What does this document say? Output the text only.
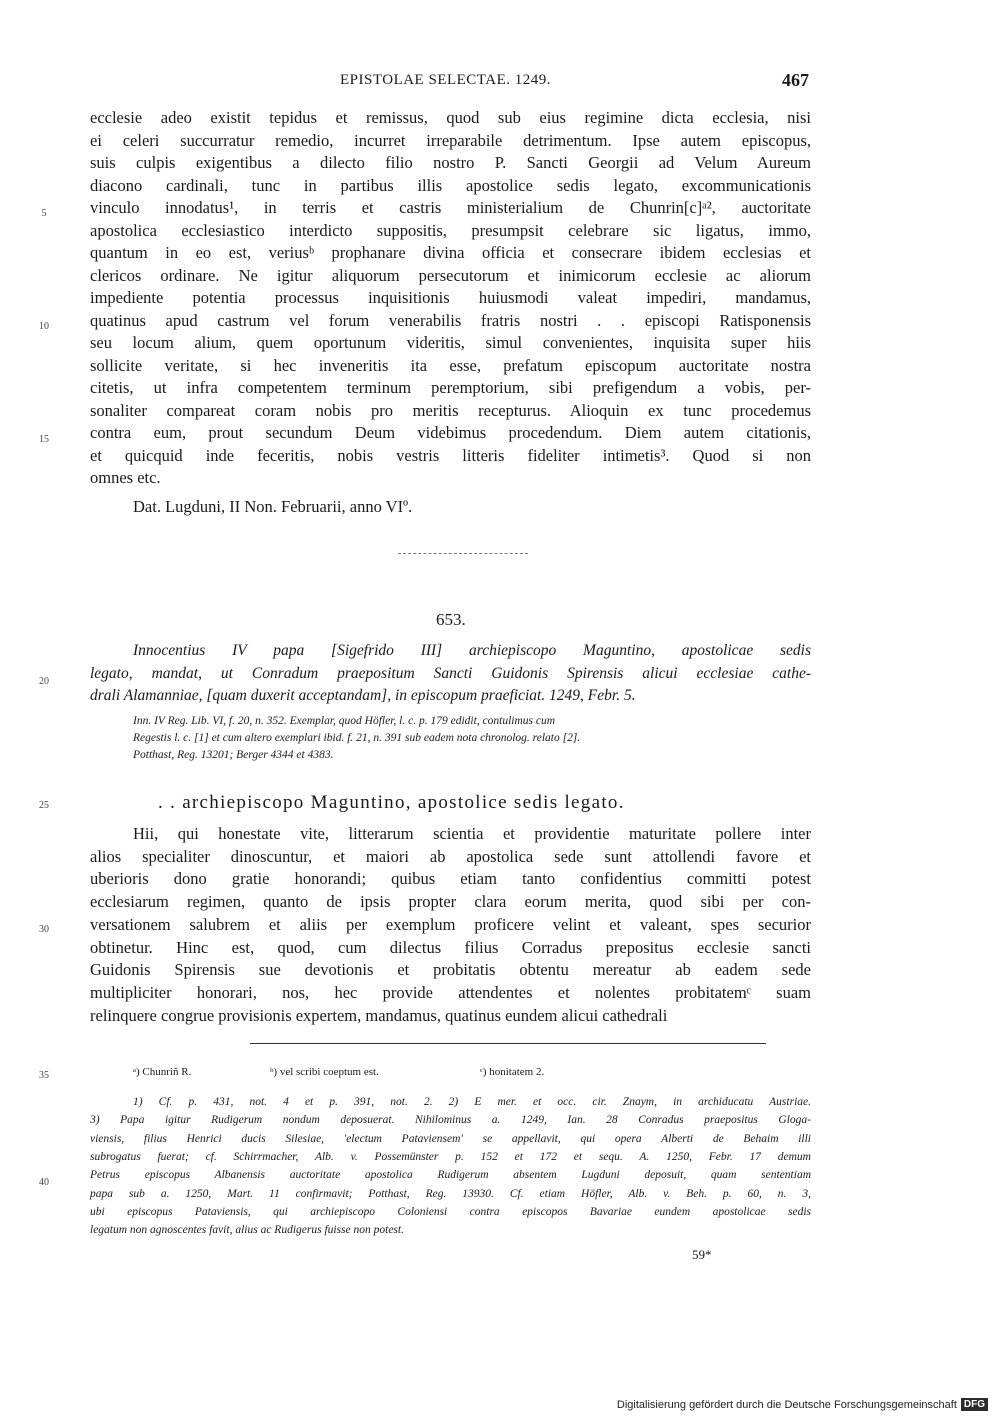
EPISTOLAE SELECTAE. 1249.	467
ecclesie adeo existit tepidus et remissus, quod sub eius regimine dicta ecclesia, nisi
ei celeri succurratur remedio, incurret irreparabile detrimentum. Ipse autem episcopus,
suis culpis exigentibus a dilecto filio nostro P. Sancti Georgii ad Velum Aureum
diacono cardinali, tunc in partibus illis apostolice sedis legato, excommunicationis
vinculo innodatus¹, in terris et castris ministerialium de Chunrin[c]ᵃ², auctoritate
apostolica ecclesiastico interdicto suppositis, presumpsit celebrare sic ligatus, immo,
quantum in eo est, veriusᵇ prophanare divina officia et consecrare ibidem ecclesias et
clericos ordinare. Ne igitur aliquorum persecutorum et inimicorum ecclesie ac aliorum
impediente potentia processus inquisitionis huiusmodi valeat impediri, mandamus,
quatinus apud castrum vel forum venerabilis fratris nostri . . episcopi Ratisponensis
seu locum alium, quem oportunum videritis, simul convenientes, inquisita super hiis
sollicite veritate, si hec inveneritis ita esse, prefatum episcopum auctoritate nostra
citetis, ut infra competentem terminum peremptorium, sibi prefigendum a vobis, per-
sonaliter compareat coram nobis pro meritis recepturus. Alioquin ex tunc procedemus
contra eum, prout secundum Deum videbimus procedendum. Diem autem citationis,
et quicquid inde feceritis, nobis vestris litteris fideliter intimetis³. Quod si non
omnes etc.
Dat. Lugduni, II Non. Februarii, anno VIº.
653.
Innocentius IV papa [Sigefrido III] archiepiscopo Maguntino, apostolicae sedis
legato, mandat, ut Conradum praepositum Sancti Guidonis Spirensis alicui ecclesiae cathe-
drali Alamanniae, [quam duxerit acceptandam], in episcopum praeficiat. 1249, Febr. 5.
Inn. IV Reg. Lib. VI, f. 20, n. 352. Exemplar, quod Höfler, l. c. p. 179 edidit, contulimus cum
Regestis l. c. [1] et cum altero exemplari ibid. f. 21, n. 391 sub eadem nota chronolog. relato [2].
Potthast, Reg. 13201; Berger 4344 et 4383.
. . archiepiscopo Maguntino, apostolice sedis legato.
Hii, qui honestate vite, litterarum scientia et providentie maturitate pollere inter
alios specialiter dinoscuntur, et maiori ab apostolica sede sunt attollendi favore et
uberioris dono gratie honorandi; quibus etiam tanto confidentius committi potest
ecclesiarum regimen, quanto de ipsis propter clara eorum merita, quod sibi per con-
versationem salubrem et aliis per exemplum proficere velint et valeant, spes securior
obtinetur. Hinc est, quod, cum dilectus filius Corradus prepositus ecclesie sancti
Guidonis Spirensis sue devotionis et probitatis obtentu mereatur ab eadem sede
multipliciter honorari, nos, hec provide attendentes et nolentes probitatemᶜ suam
relinquere congrue provisionis expertem, mandamus, quatinus eundem alicui cathedrali
ᵃ) Chunriñ R.	ᵇ) vel scribi coeptum est.	ᶜ) honitatem 2.
1) Cf. p. 431, not. 4 et p. 391, not. 2. 2) E mer. et occ. cir. Znaym, in archiducatu Austriae.
3) Papa igitur Rudigerum nondum deposuerat. Nihilominus a. 1249, Ian. 28 Conradus praepositus Gloga-
viensis, filius Henrici ducis Silesiae, 'electum Pataviensem' se appellavit, qui opera Alberti de Behaim illi
subrogatus fuerat; cf. Schirrmacher, Alb. v. Possemünster p. 152 et 172 et sequ. A. 1250, Febr. 17 demum
Petrus episcopus Albanensis auctoritate apostolica Rudigerum absentem Lugduni deposuit, quam sententiam
papa sub a. 1250, Mart. 11 confirmavit; Potthast, Reg. 13930. Cf. etiam Höfler, Alb. v. Beh. p. 60, n. 3,
ubi episcopus Pataviensis, qui archiepiscopo Coloniensi contra episcopos Bavariae eundem apostolicae sedis
legatum non agnoscentes favit, alius ac Rudigerus fuisse non potest.
59*
5
10
15
20
25
30
35
40
Digitalisierung gefördert durch die Deutsche Forschungsgemeinschaft DFG
